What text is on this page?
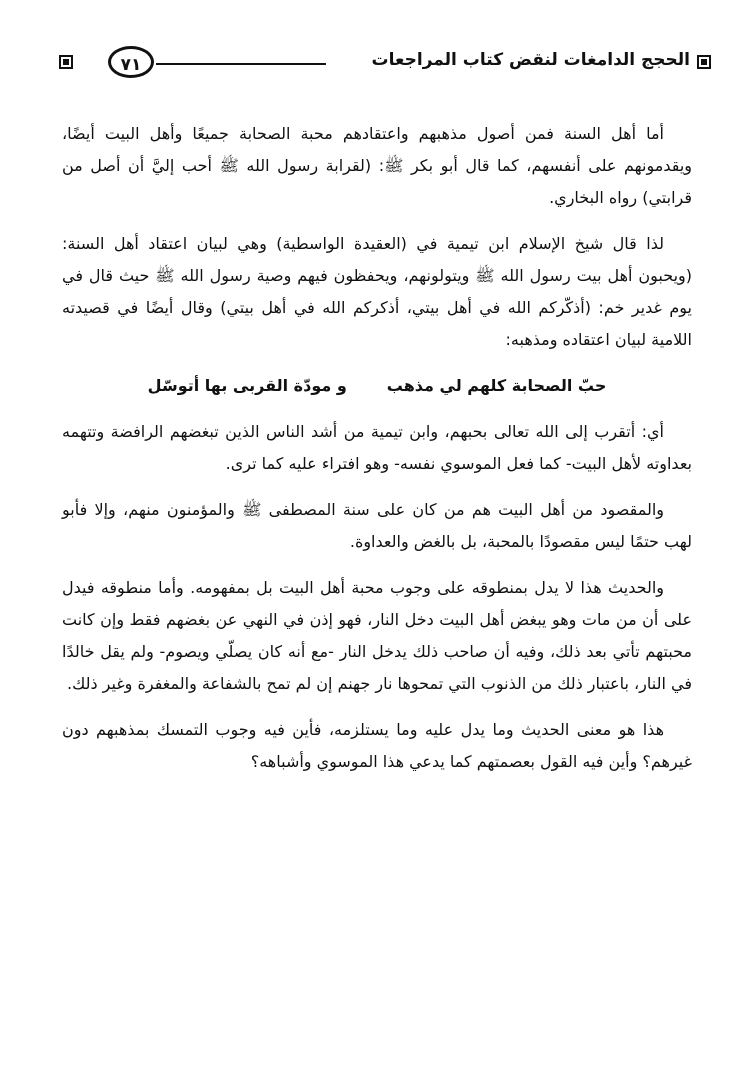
الحجج الدامغات لنقض كتاب المراجعات
٧١

أما أهل السنة فمن أصول مذهبهم واعتقادهم محبة الصحابة جميعًا وأهل البيت أيضًا، ويقدمونهم على أنفسهم، كما قال أبو بكر ﷺ: (لقرابة رسول الله ﷺ أحب إليَّ أن أصل من قرابتي) رواه البخاري.

لذا قال شيخ الإسلام ابن تيمية في (العقيدة الواسطية) وهي لبيان اعتقاد أهل السنة: (ويحبون أهل بيت رسول الله ﷺ ويتولونهم، ويحفظون فيهم وصية رسول الله ﷺ حيث قال في يوم غدير خم: (أذكّركم الله في أهل بيتي، أذكركم الله في أهل بيتي) وقال أيضًا في قصيدته اللامية لبيان اعتقاده ومذهبه:

حبّ الصحابة كلهم لي مذهب
و مودّة القربى بها أتوسّل

أي: أتقرب إلى الله تعالى بحبهم، وابن تيمية من أشد الناس الذين تبغضهم الرافضة وتتهمه بعداوته لأهل البيت- كما فعل الموسوي نفسه- وهو افتراء عليه كما ترى.

والمقصود من أهل البيت هم من كان على سنة المصطفى ﷺ والمؤمنون منهم، وإلا فأبو لهب حتمًا ليس مقصودًا بالمحبة، بل بالغض والعداوة.

والحديث هذا لا يدل بمنطوقه على وجوب محبة أهل البيت بل بمفهومه. وأما منطوقه فيدل على أن من مات وهو يبغض أهل البيت دخل النار، فهو إذن في النهي عن بغضهم فقط وإن كانت محبتهم تأتي بعد ذلك، وفيه أن صاحب ذلك يدخل النار -مع أنه كان يصلّي ويصوم- ولم يقل خالدًا في النار، باعتبار ذلك من الذنوب التي تمحوها نار جهنم إن لم تمح بالشفاعة والمغفرة وغير ذلك.

هذا هو معنى الحديث وما يدل عليه وما يستلزمه، فأين فيه وجوب التمسك بمذهبهم دون غيرهم؟ وأين فيه القول بعصمتهم كما يدعي هذا الموسوي وأشباهه؟
